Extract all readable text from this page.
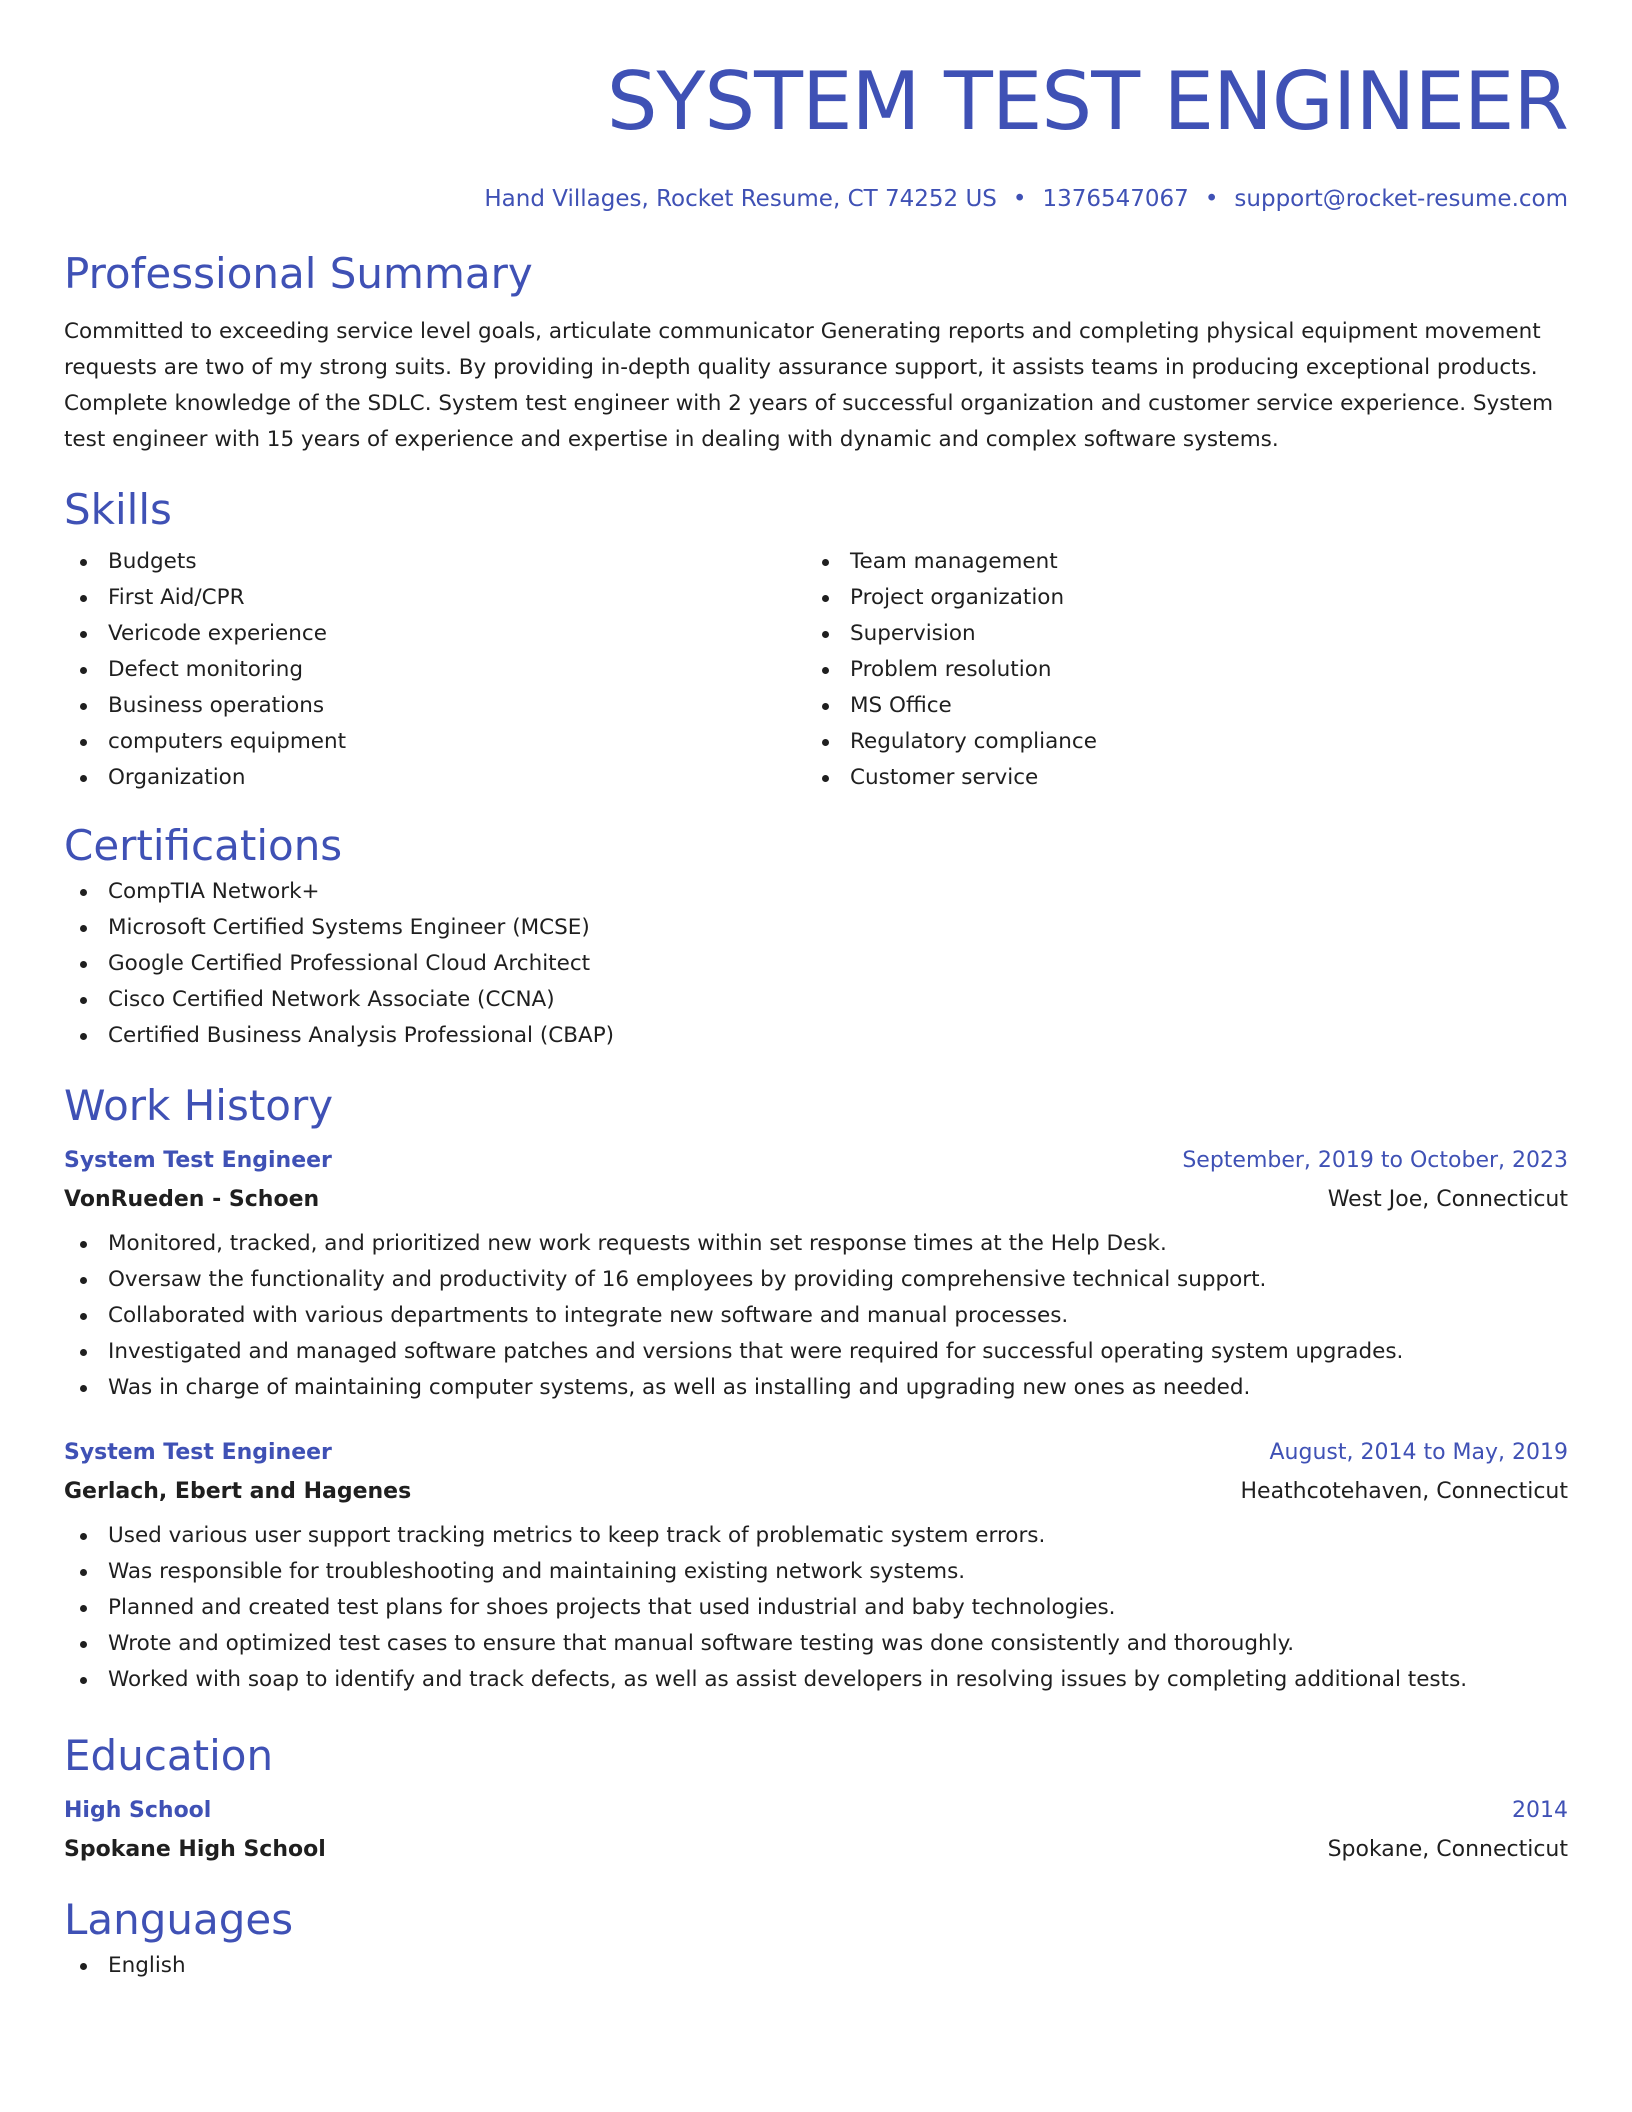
SYSTEM TEST ENGINEER
Hand Villages, Rocket Resume, CT 74252 US • 1376547067 • support@rocket-resume.com
Professional Summary

Committed to exceeding service level goals, articulate communicator Generating reports and completing physical equipment movement requests are two of my strong suits. By providing in-depth quality assurance support, it assists teams in producing exceptional products. Complete knowledge of the SDLC. System test engineer with 2 years of successful organization and customer service experience. System test engineer with 15 years of experience and expertise in dealing with dynamic and complex software systems.

Skills
Budgets
First Aid/CPR
Vericode experience
Defect monitoring
Business operations
computers equipment
Organization
Team management
Project organization
Supervision
Problem resolution
MS Office
Regulatory compliance
Customer service
Certifications
CompTIA Network+
Microsoft Certified Systems Engineer (MCSE)
Google Certified Professional Cloud Architect
Cisco Certified Network Associate (CCNA)
Certified Business Analysis Professional (CBAP)
Work History
System Test Engineer	September, 2019 to October, 2023
VonRueden - Schoen	West Joe, Connecticut
Monitored, tracked, and prioritized new work requests within set response times at the Help Desk.
Oversaw the functionality and productivity of 16 employees by providing comprehensive technical support.
Collaborated with various departments to integrate new software and manual processes.
Investigated and managed software patches and versions that were required for successful operating system upgrades.
Was in charge of maintaining computer systems, as well as installing and upgrading new ones as needed.
System Test Engineer	August, 2014 to May, 2019
Gerlach, Ebert and Hagenes	Heathcotehaven, Connecticut
Used various user support tracking metrics to keep track of problematic system errors.
Was responsible for troubleshooting and maintaining existing network systems.
Planned and created test plans for shoes projects that used industrial and baby technologies.
Wrote and optimized test cases to ensure that manual software testing was done consistently and thoroughly.
Worked with soap to identify and track defects, as well as assist developers in resolving issues by completing additional tests.
Education
High School	2014
Spokane High School	Spokane, Connecticut
Languages
English
